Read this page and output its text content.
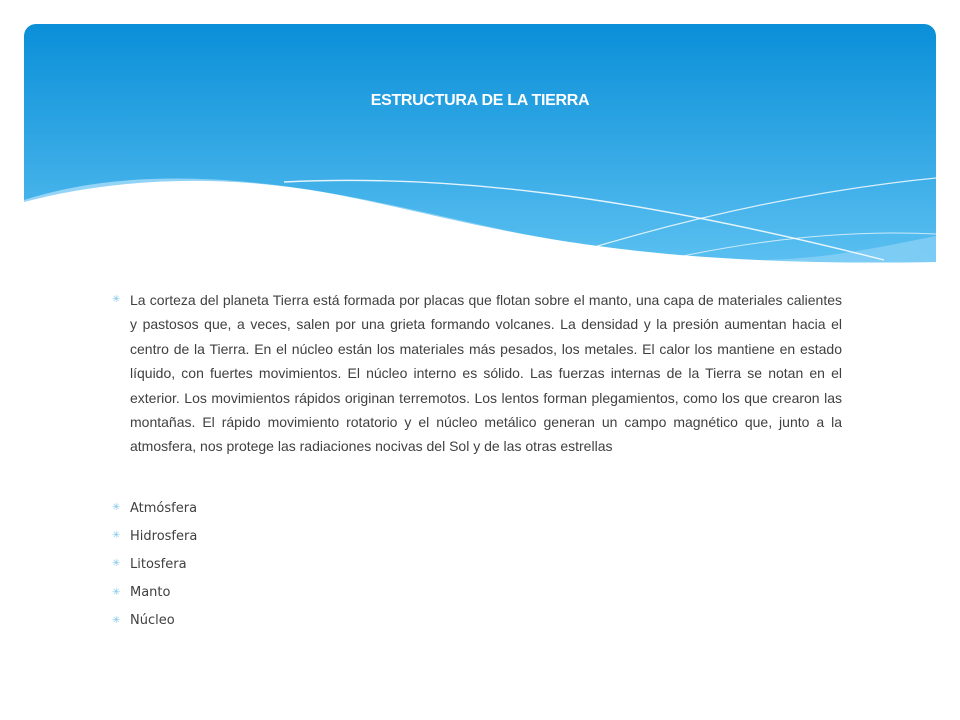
ESTRUCTURA DE LA TIERRA
✳ La corteza del planeta Tierra está formada por placas que flotan sobre el manto, una capa de materiales calientes y pastosos que, a veces, salen por una grieta formando volcanes. La densidad y la presión aumentan hacia el centro de la Tierra. En el núcleo están los materiales más pesados, los metales. El calor los mantiene en estado líquido, con fuertes movimientos. El núcleo interno es sólido. Las fuerzas internas de la Tierra se notan en el exterior. Los movimientos rápidos originan terremotos. Los lentos forman plegamientos, como los que crearon las montañas. El rápido movimiento rotatorio y el núcleo metálico generan un campo magnético que, junto a la atmosfera, nos protege las radiaciones nocivas del Sol y de las otras estrellas

✳ Atmósfera
✳ Hidrosfera
✳ Litosfera
✳ Manto
✳ Núcleo
